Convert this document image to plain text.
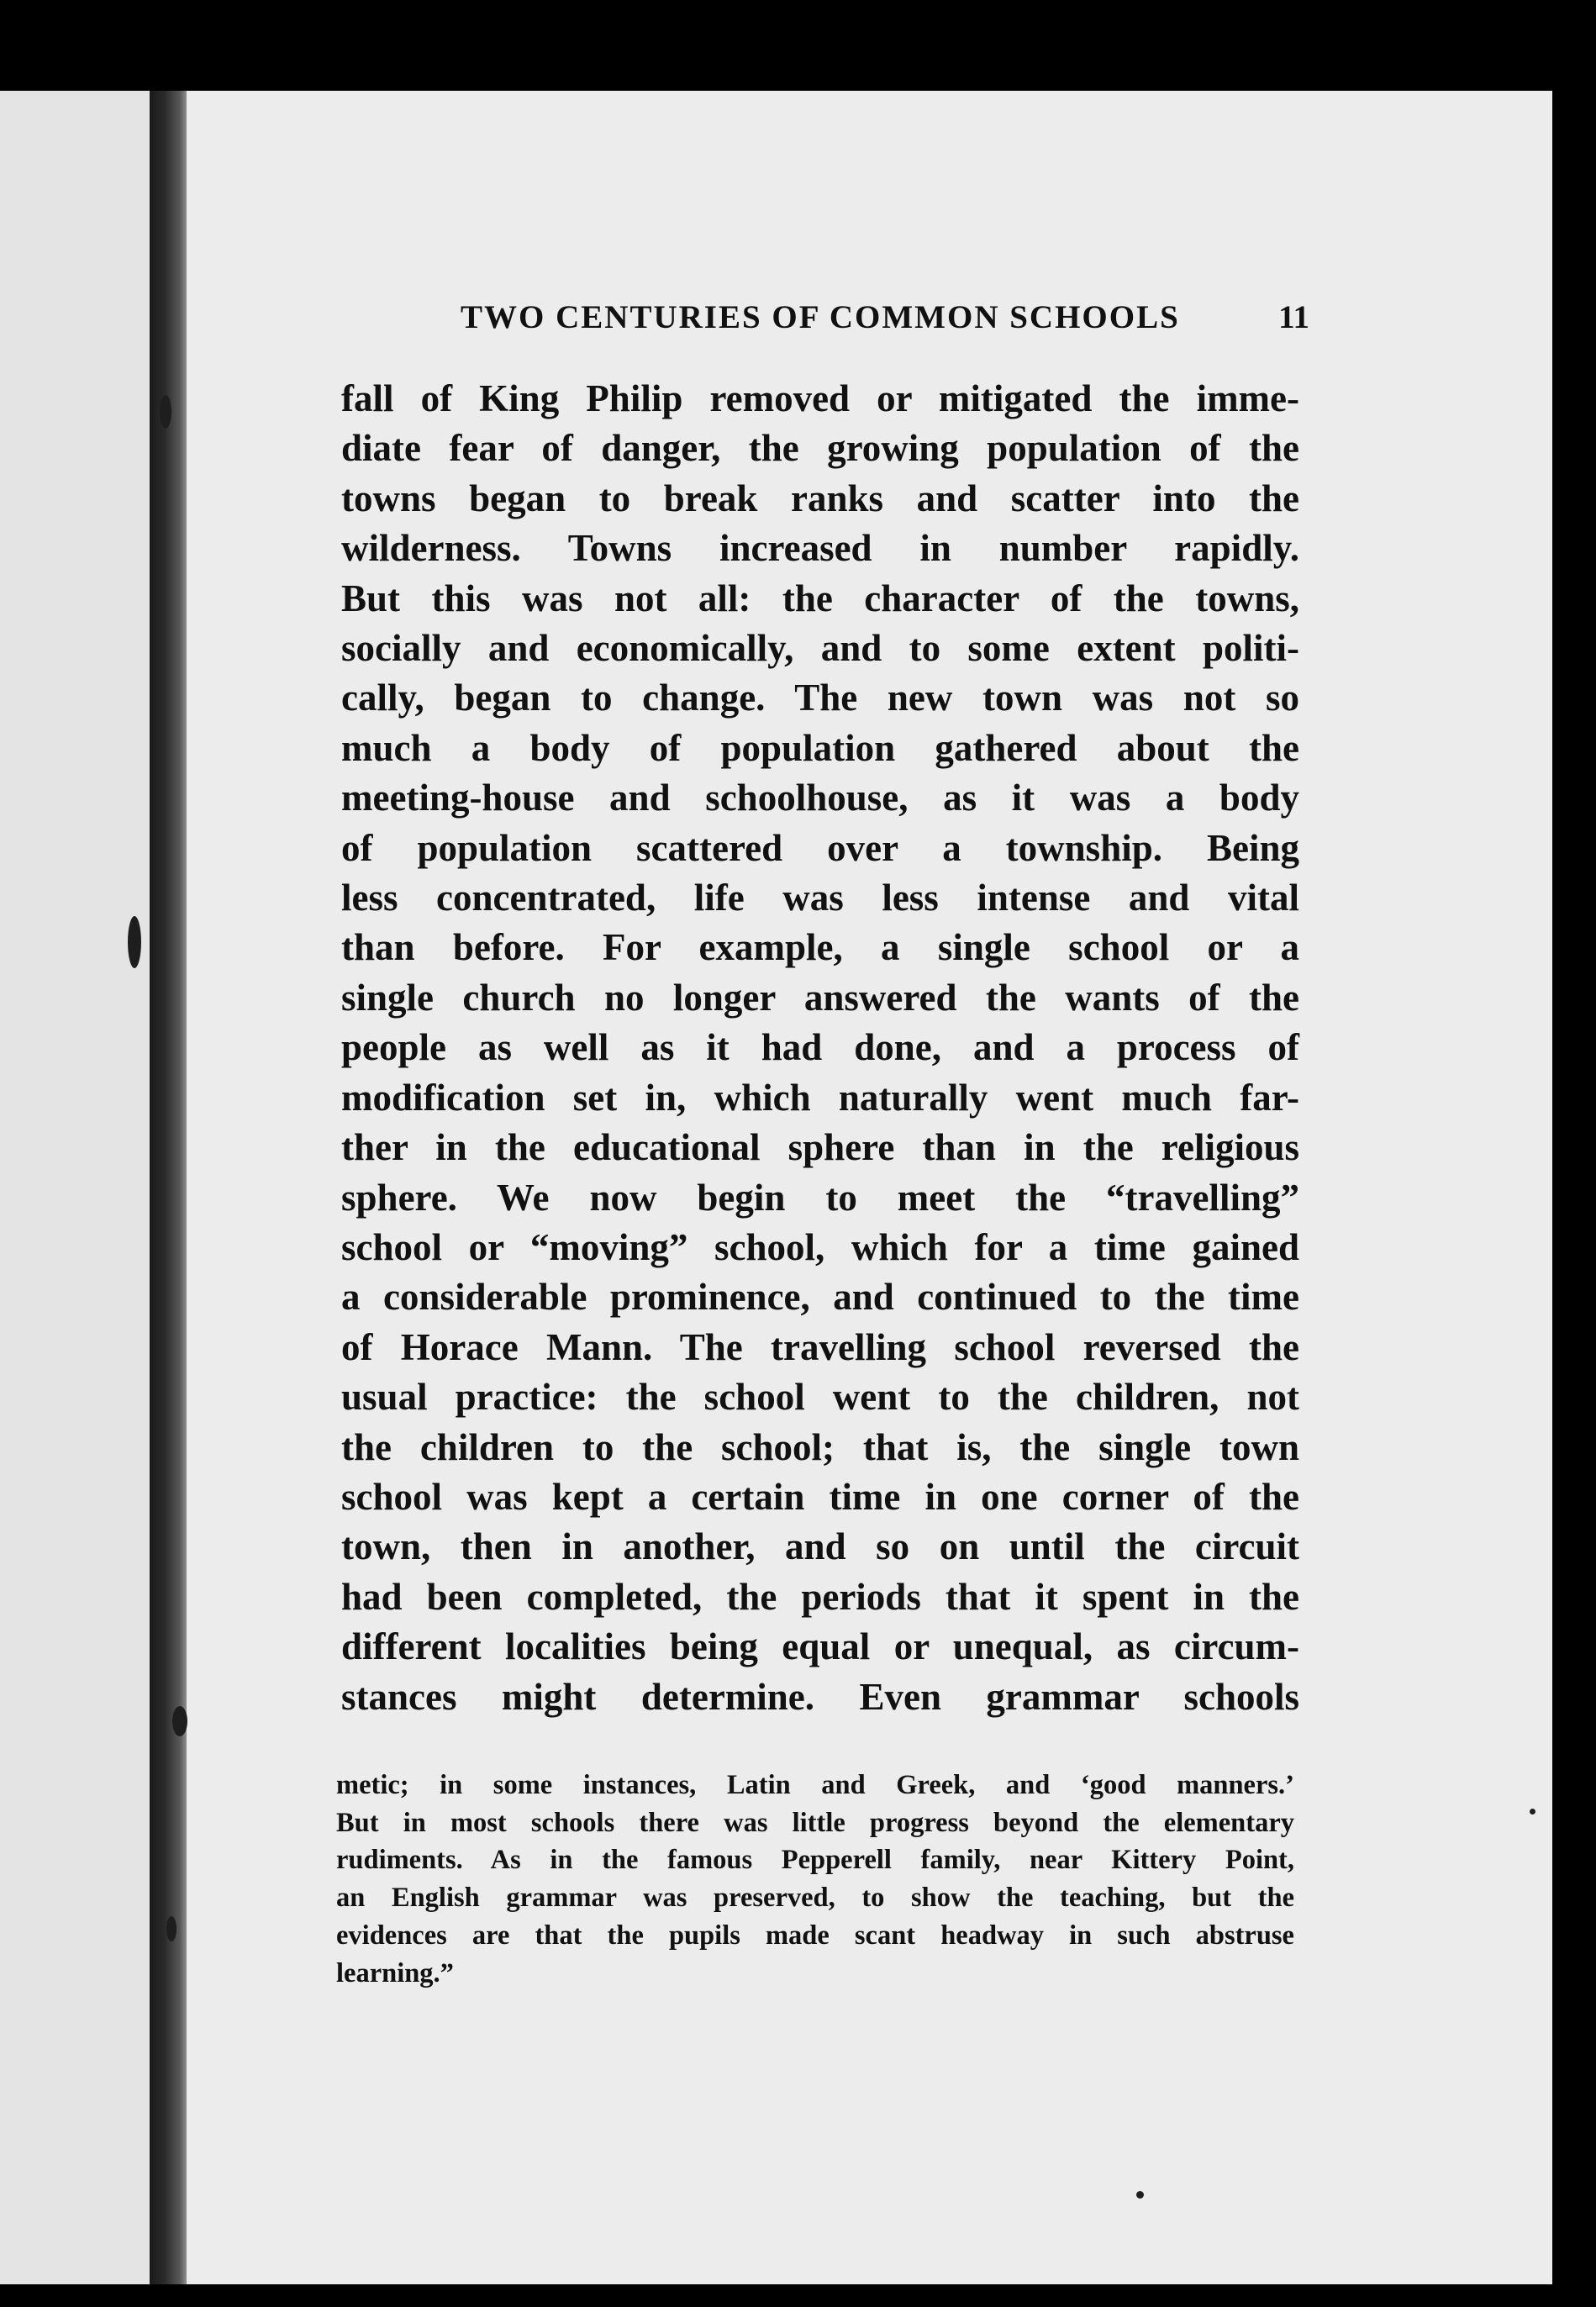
TWO CENTURIES OF COMMON SCHOOLS	11
fall of King Philip removed or mitigated the imme-
diate fear of danger, the growing population of the
towns began to break ranks and scatter into the
wilderness. Towns increased in number rapidly.
But this was not all: the character of the towns,
socially and economically, and to some extent politi-
cally, began to change. The new town was not so
much a body of population gathered about the
meeting-house and schoolhouse, as it was a body
of population scattered over a township. Being
less concentrated, life was less intense and vital
than before. For example, a single school or a
single church no longer answered the wants of the
people as well as it had done, and a process of
modification set in, which naturally went much far-
ther in the educational sphere than in the religious
sphere. We now begin to meet the “travelling”
school or “moving” school, which for a time gained
a considerable prominence, and continued to the time
of Horace Mann. The travelling school reversed the
usual practice: the school went to the children, not
the children to the school; that is, the single town
school was kept a certain time in one corner of the
town, then in another, and so on until the circuit
had been completed, the periods that it spent in the
different localities being equal or unequal, as circum-
stances might determine. Even grammar schools
metic; in some instances, Latin and Greek, and ‘good manners.’
But in most schools there was little progress beyond the elementary
rudiments. As in the famous Pepperell family, near Kittery Point,
an English grammar was preserved, to show the teaching, but the
evidences are that the pupils made scant headway in such abstruse
learning.”
